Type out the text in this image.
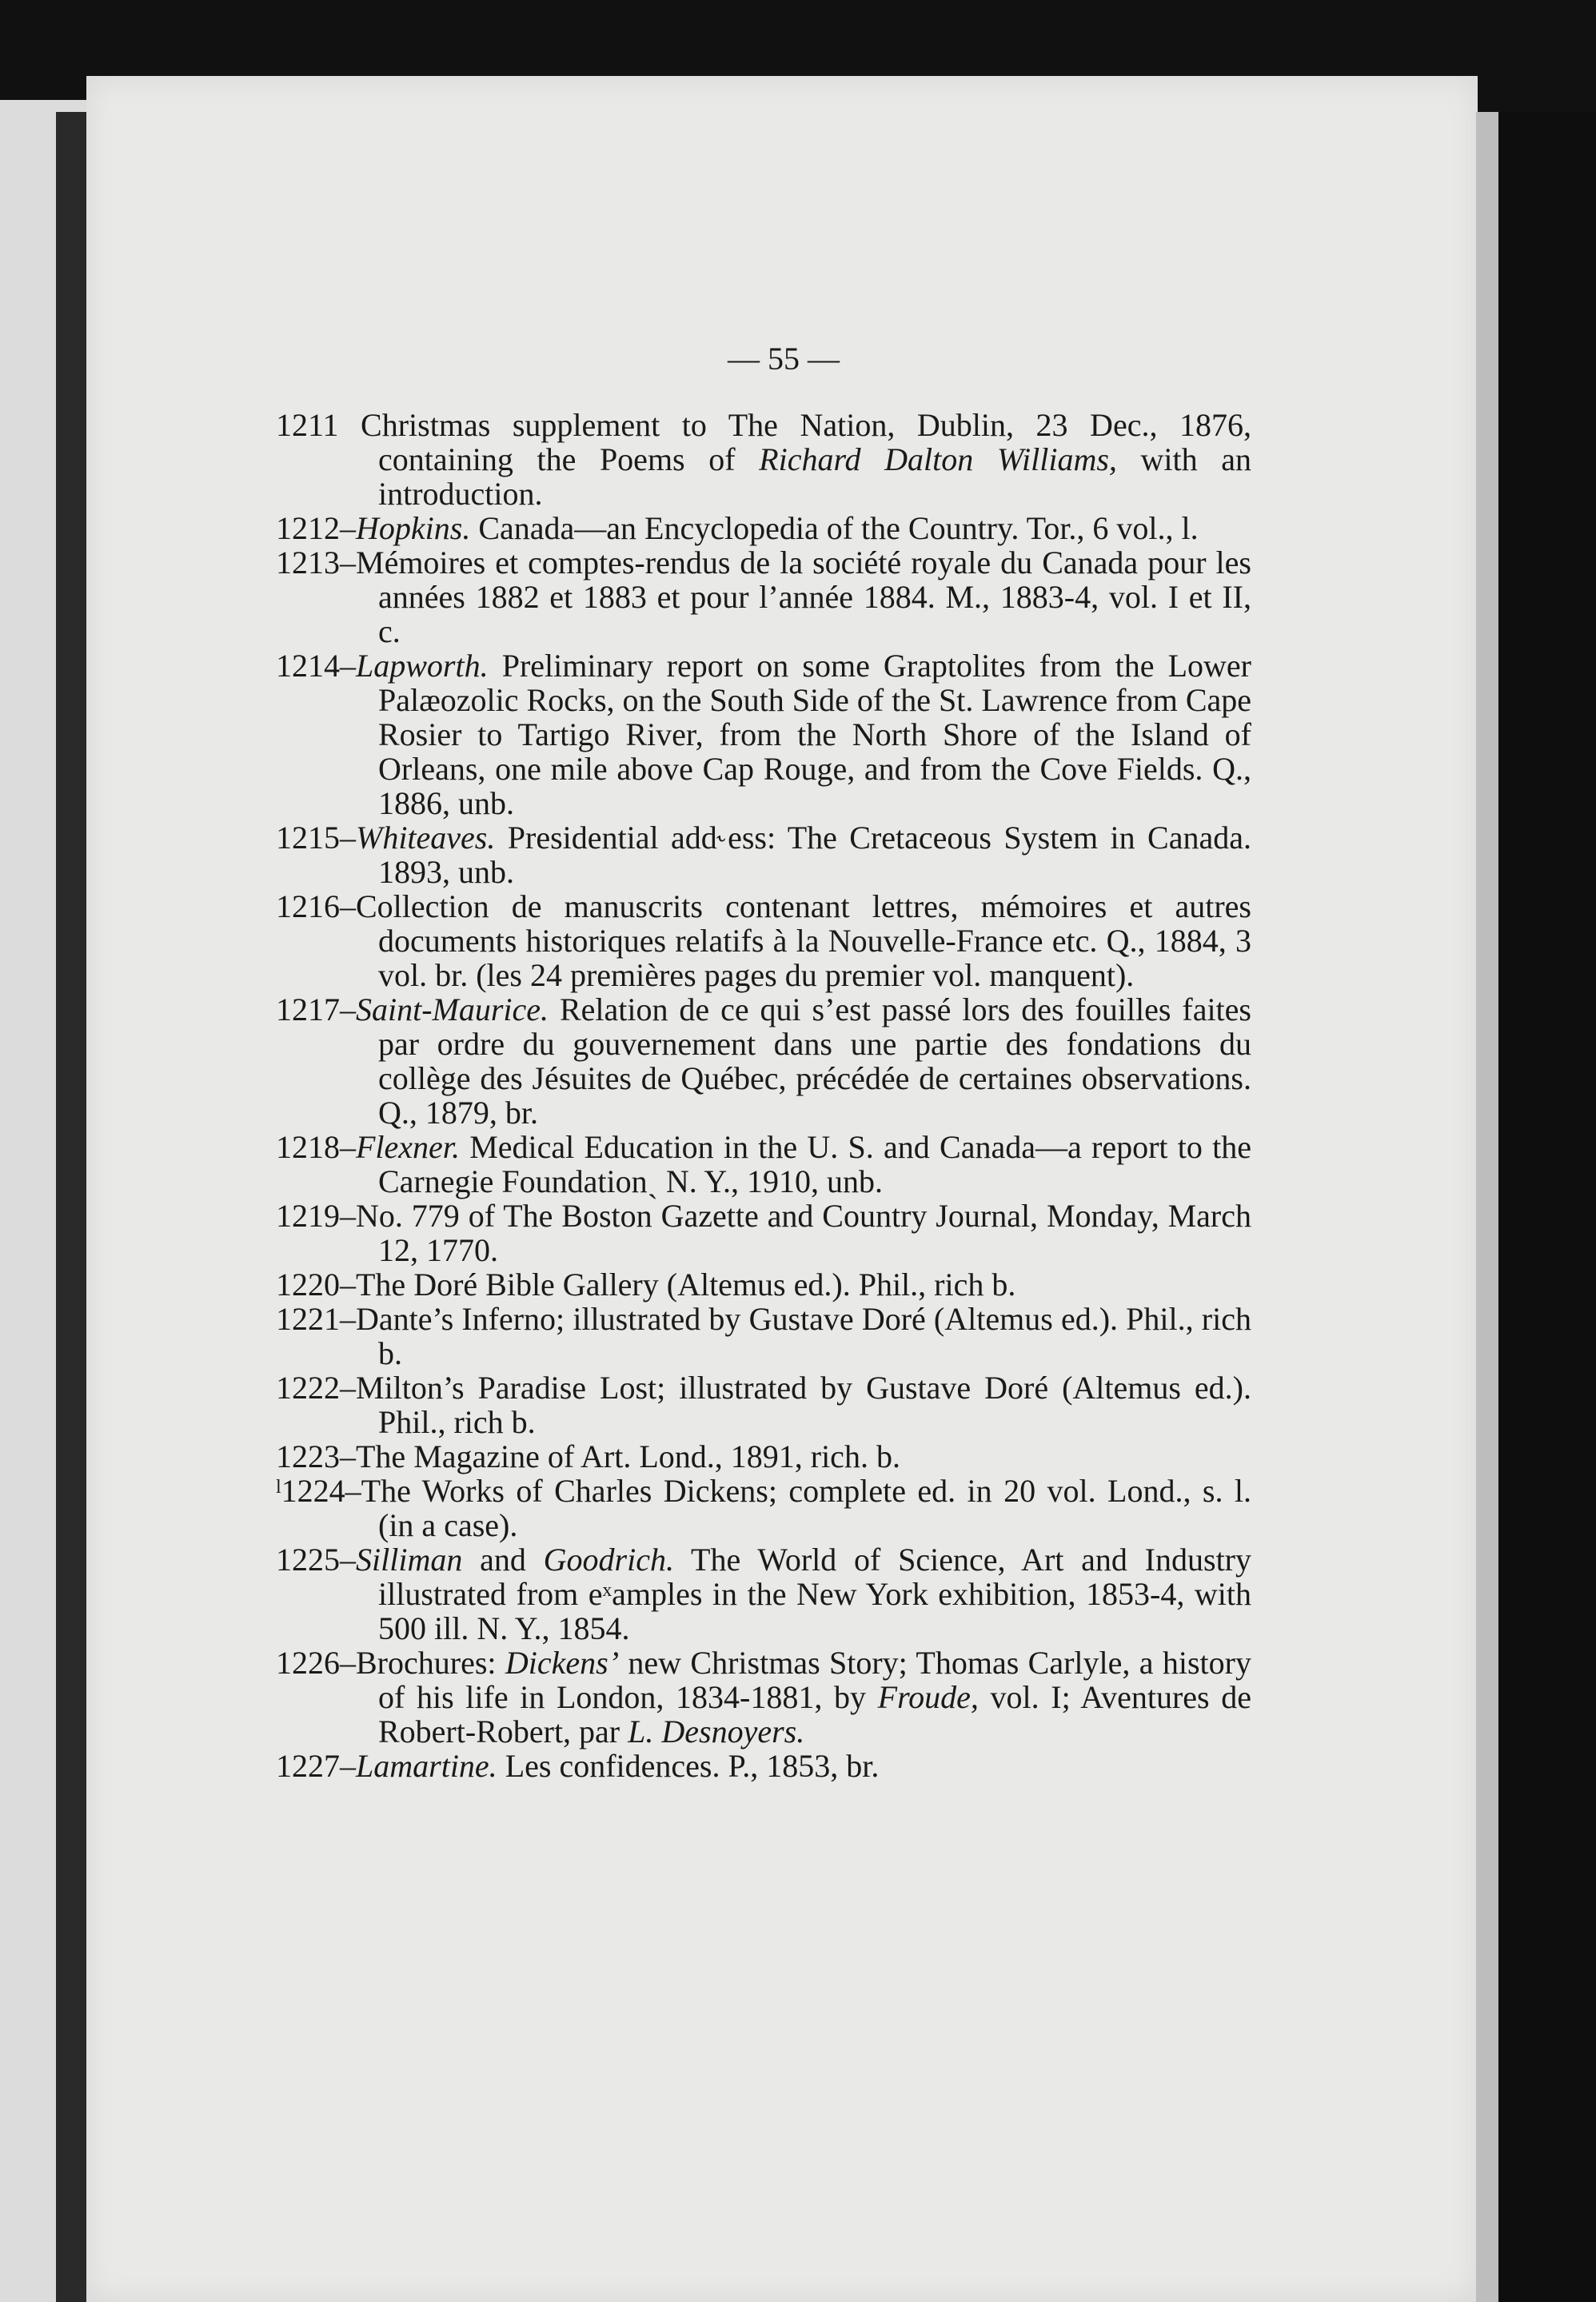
— 55 —

1211 Christmas supplement to The Nation, Dublin, 23 Dec., 1876, containing the Poems of Richard Dalton Williams, with an introduction.

1212–Hopkins. Canada—an Encyclopedia of the Country. Tor., 6 vol., l.

1213–Mémoires et comptes-rendus de la société royale du Canada pour les années 1882 et 1883 et pour l’année 1884. M., 1883-4, vol. I et II, c.

1214–Lapworth. Preliminary report on some Graptolites from the Lower Palæozolic Rocks, on the South Side of the St. Lawrence from Cape Rosier to Tartigo River, from the North Shore of the Island of Orleans, one mile above Cap Rouge, and from the Cove Fields. Q., 1886, unb.

1215–Whiteaves. Presidential add˞ess: The Cretaceous System in Canada. 1893, unb.

1216–Collection de manuscrits contenant lettres, mémoires et autres documents historiques relatifs à la Nouvelle-France etc. Q., 1884, 3 vol. br. (les 24 premières pages du premier vol. manquent).

1217–Saint-Maurice. Relation de ce qui s’est passé lors des fouilles faites par ordre du gouvernement dans une partie des fondations du collège des Jésuites de Québec, précédée de certaines observations. Q., 1879, br.

1218–Flexner. Medical Education in the U. S. and Canada—a report to the Carnegie Foundationˎ N. Y., 1910, unb.

1219–No. 779 of The Boston Gazette and Country Journal, Monday, March 12, 1770.

1220–The Doré Bible Gallery (Altemus ed.). Phil., rich b.

1221–Dante’s Inferno; illustrated by Gustave Doré (Altemus ed.). Phil., rich b.

1222–Milton’s Paradise Lost; illustrated by Gustave Doré (Altemus ed.). Phil., rich b.

1223–The Magazine of Art. Lond., 1891, rich. b.

ˡ1224–The Works of Charles Dickens; complete ed. in 20 vol. Lond., s. l. (in a case).

1225–Silliman and Goodrich. The World of Science, Art and Industry illustrated from eˣamples in the New York exhibition, 1853-4, with 500 ill. N. Y., 1854.

1226–Brochures: Dickens’ new Christmas Story; Thomas Carlyle, a history of his life in London, 1834-1881, by Froude, vol. I; Aventures de Robert-Robert, par L. Desnoyers.

1227–Lamartine. Les confidences. P., 1853, br.
